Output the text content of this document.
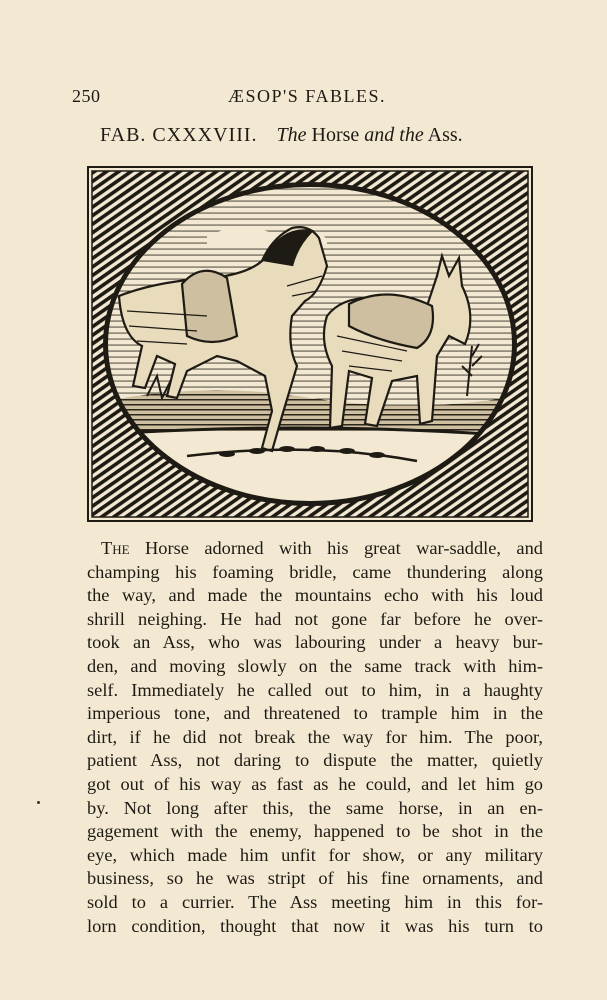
250	ÆSOP'S FABLES.
FAB. CXXXVIII. The Horse and the Ass.
The Horse adorned with his great war-saddle, and
champing his foaming bridle, came thundering along
the way, and made the mountains echo with his loud
shrill neighing. He had not gone far before he over-
took an Ass, who was labouring under a heavy bur-
den, and moving slowly on the same track with him-
self. Immediately he called out to him, in a haughty
imperious tone, and threatened to trample him in the
dirt, if he did not break the way for him. The poor,
patient Ass, not daring to dispute the matter, quietly
got out of his way as fast as he could, and let him go
by. Not long after this, the same horse, in an en-
gagement with the enemy, happened to be shot in the
eye, which made him unfit for show, or any military
business, so he was stript of his fine ornaments, and
sold to a currier. The Ass meeting him in this for-
lorn condition, thought that now it was his turn to
